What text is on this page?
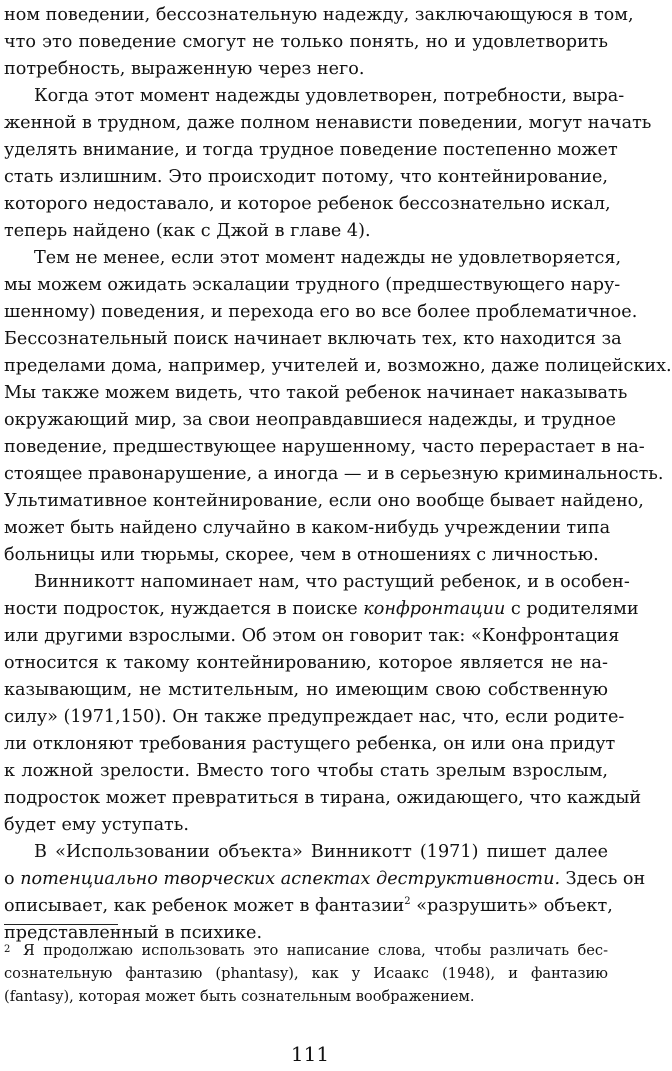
ном поведении, бессознательную надежду, заключающуюся в том,
что это поведение смогут не только понять, но и удовлетворить
потребность, выраженную через него.
Когда этот момент надежды удовлетворен, потребности, выра-
женной в трудном, даже полном ненависти поведении, могут начать
уделять внимание, и тогда трудное поведение постепенно может
стать излишним. Это происходит потому, что контейнирование,
которого недоставало, и которое ребенок бессознательно искал,
теперь найдено (как с Джой в главе 4).
Тем не менее, если этот момент надежды не удовлетворяется,
мы можем ожидать эскалации трудного (предшествующего нару-
шенному) поведения, и перехода его во все более проблематичное.
Бессознательный поиск начинает включать тех, кто находится за
пределами дома, например, учителей и, возможно, даже полицейских.
Мы также можем видеть, что такой ребенок начинает наказывать
окружающий мир, за свои неоправдавшиеся надежды, и трудное
поведение, предшествующее нарушенному, часто перерастает в на-
стоящее правонарушение, а иногда — и в серьезную криминальность.
Ультимативное контейнирование, если оно вообще бывает найдено,
может быть найдено случайно в каком-нибудь учреждении типа
больницы или тюрьмы, скорее, чем в отношениях с личностью.
Винникотт напоминает нам, что растущий ребенок, и в особен-
ности подросток, нуждается в поиске конфронтации с родителями
или другими взрослыми. Об этом он говорит так: «Конфронтация
относится к такому контейнированию, которое является не на-
казывающим, не мстительным, но имеющим свою собственную
силу» (1971,150). Он также предупреждает нас, что, если родите-
ли отклоняют требования растущего ребенка, он или она придут
к ложной зрелости. Вместо того чтобы стать зрелым взрослым,
подросток может превратиться в тирана, ожидающего, что каждый
будет ему уступать.
В «Использовании объекта» Винникотт (1971) пишет далее
о потенциально творческих аспектах деструктивности. Здесь он
описывает, как ребенок может в фантазии$^2$ «разрушить» объект,
представленный в психике.
2 Я продолжаю использовать это написание слова, чтобы различать бес-
сознательную фантазию (phantasy), как у Исаакс (1948), и фантазию
(fantasy), которая может быть сознательным воображением.
111
